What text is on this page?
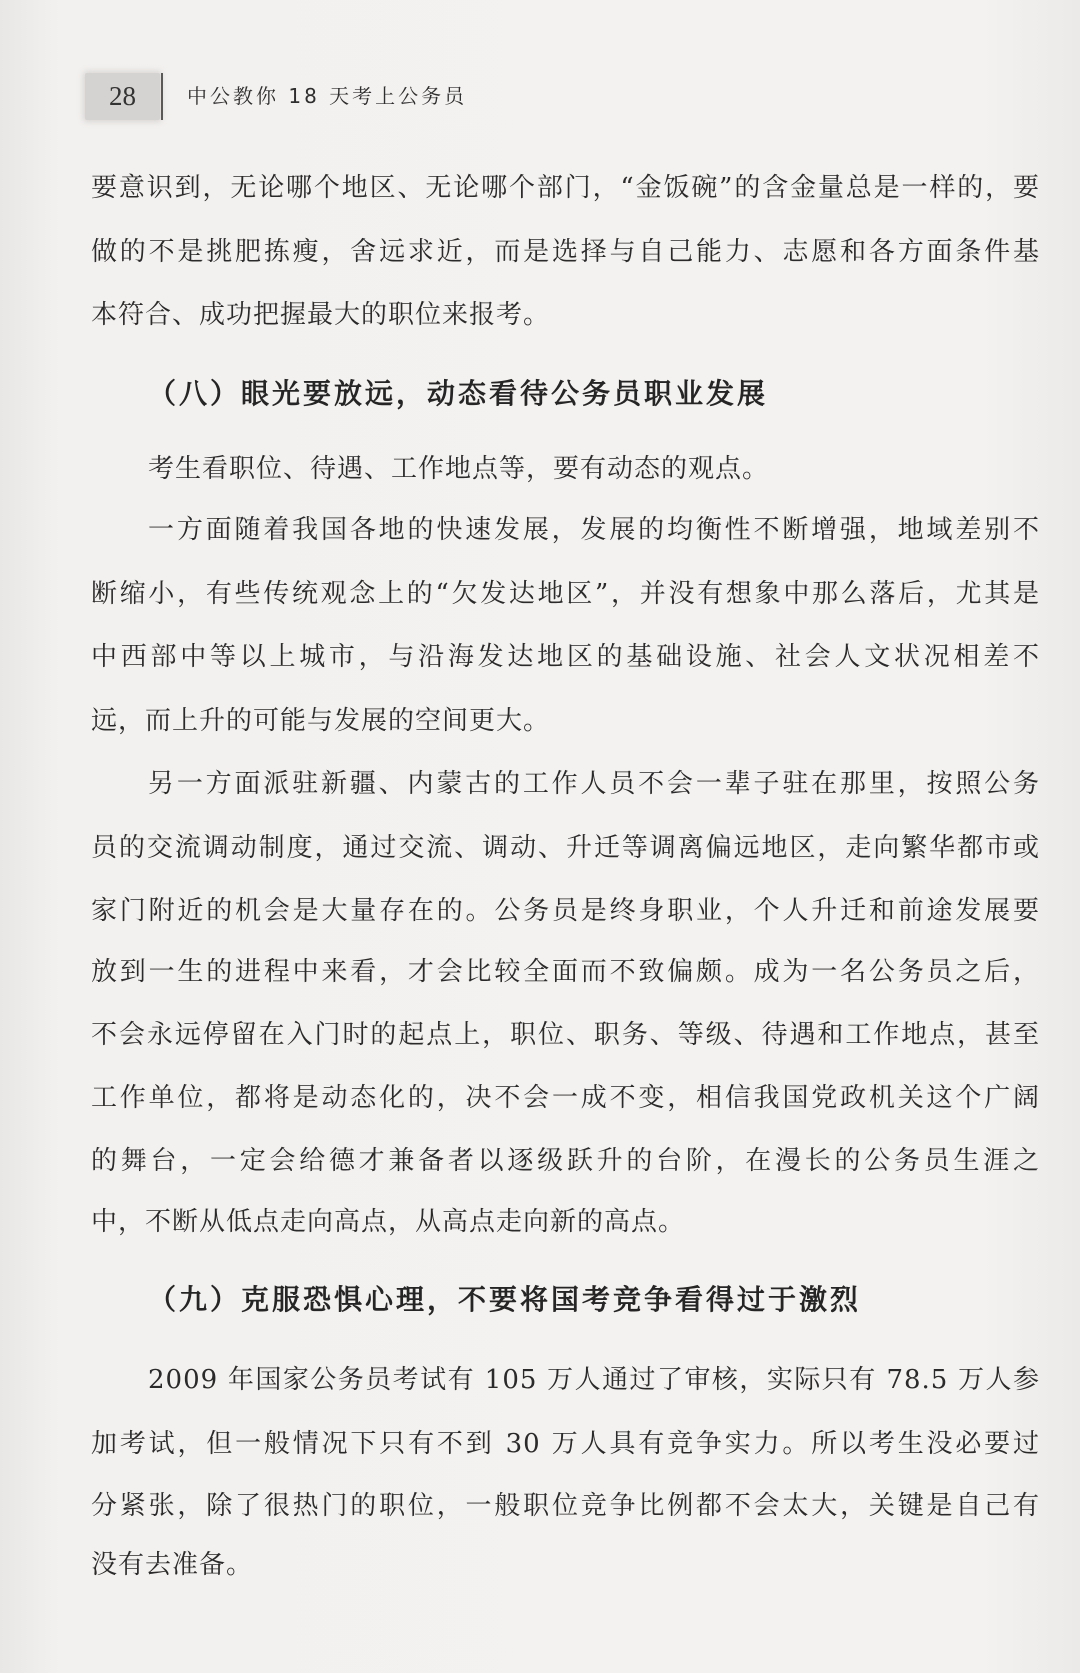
28	中公教你 18 天考上公务员
要意识到，无论哪个地区、无论哪个部门，“金饭碗”的含金量总是一样的，要
做的不是挑肥拣瘦，舍远求近，而是选择与自己能力、志愿和各方面条件基
本符合、成功把握最大的职位来报考。
（八）眼光要放远，动态看待公务员职业发展
考生看职位、待遇、工作地点等，要有动态的观点。
一方面随着我国各地的快速发展，发展的均衡性不断增强，地域差别不
断缩小，有些传统观念上的“欠发达地区”，并没有想象中那么落后，尤其是
中西部中等以上城市，与沿海发达地区的基础设施、社会人文状况相差不
远，而上升的可能与发展的空间更大。
另一方面派驻新疆、内蒙古的工作人员不会一辈子驻在那里，按照公务
员的交流调动制度，通过交流、调动、升迁等调离偏远地区，走向繁华都市或
家门附近的机会是大量存在的。公务员是终身职业，个人升迁和前途发展要
放到一生的进程中来看，才会比较全面而不致偏颇。成为一名公务员之后，
不会永远停留在入门时的起点上，职位、职务、等级、待遇和工作地点，甚至
工作单位，都将是动态化的，决不会一成不变，相信我国党政机关这个广阔
的舞台，一定会给德才兼备者以逐级跃升的台阶，在漫长的公务员生涯之
中，不断从低点走向高点，从高点走向新的高点。
（九）克服恐惧心理，不要将国考竞争看得过于激烈
2009 年国家公务员考试有 105 万人通过了审核，实际只有 78.5 万人参
加考试，但一般情况下只有不到 30 万人具有竞争实力。所以考生没必要过
分紧张，除了很热门的职位，一般职位竞争比例都不会太大，关键是自己有
没有去准备。
